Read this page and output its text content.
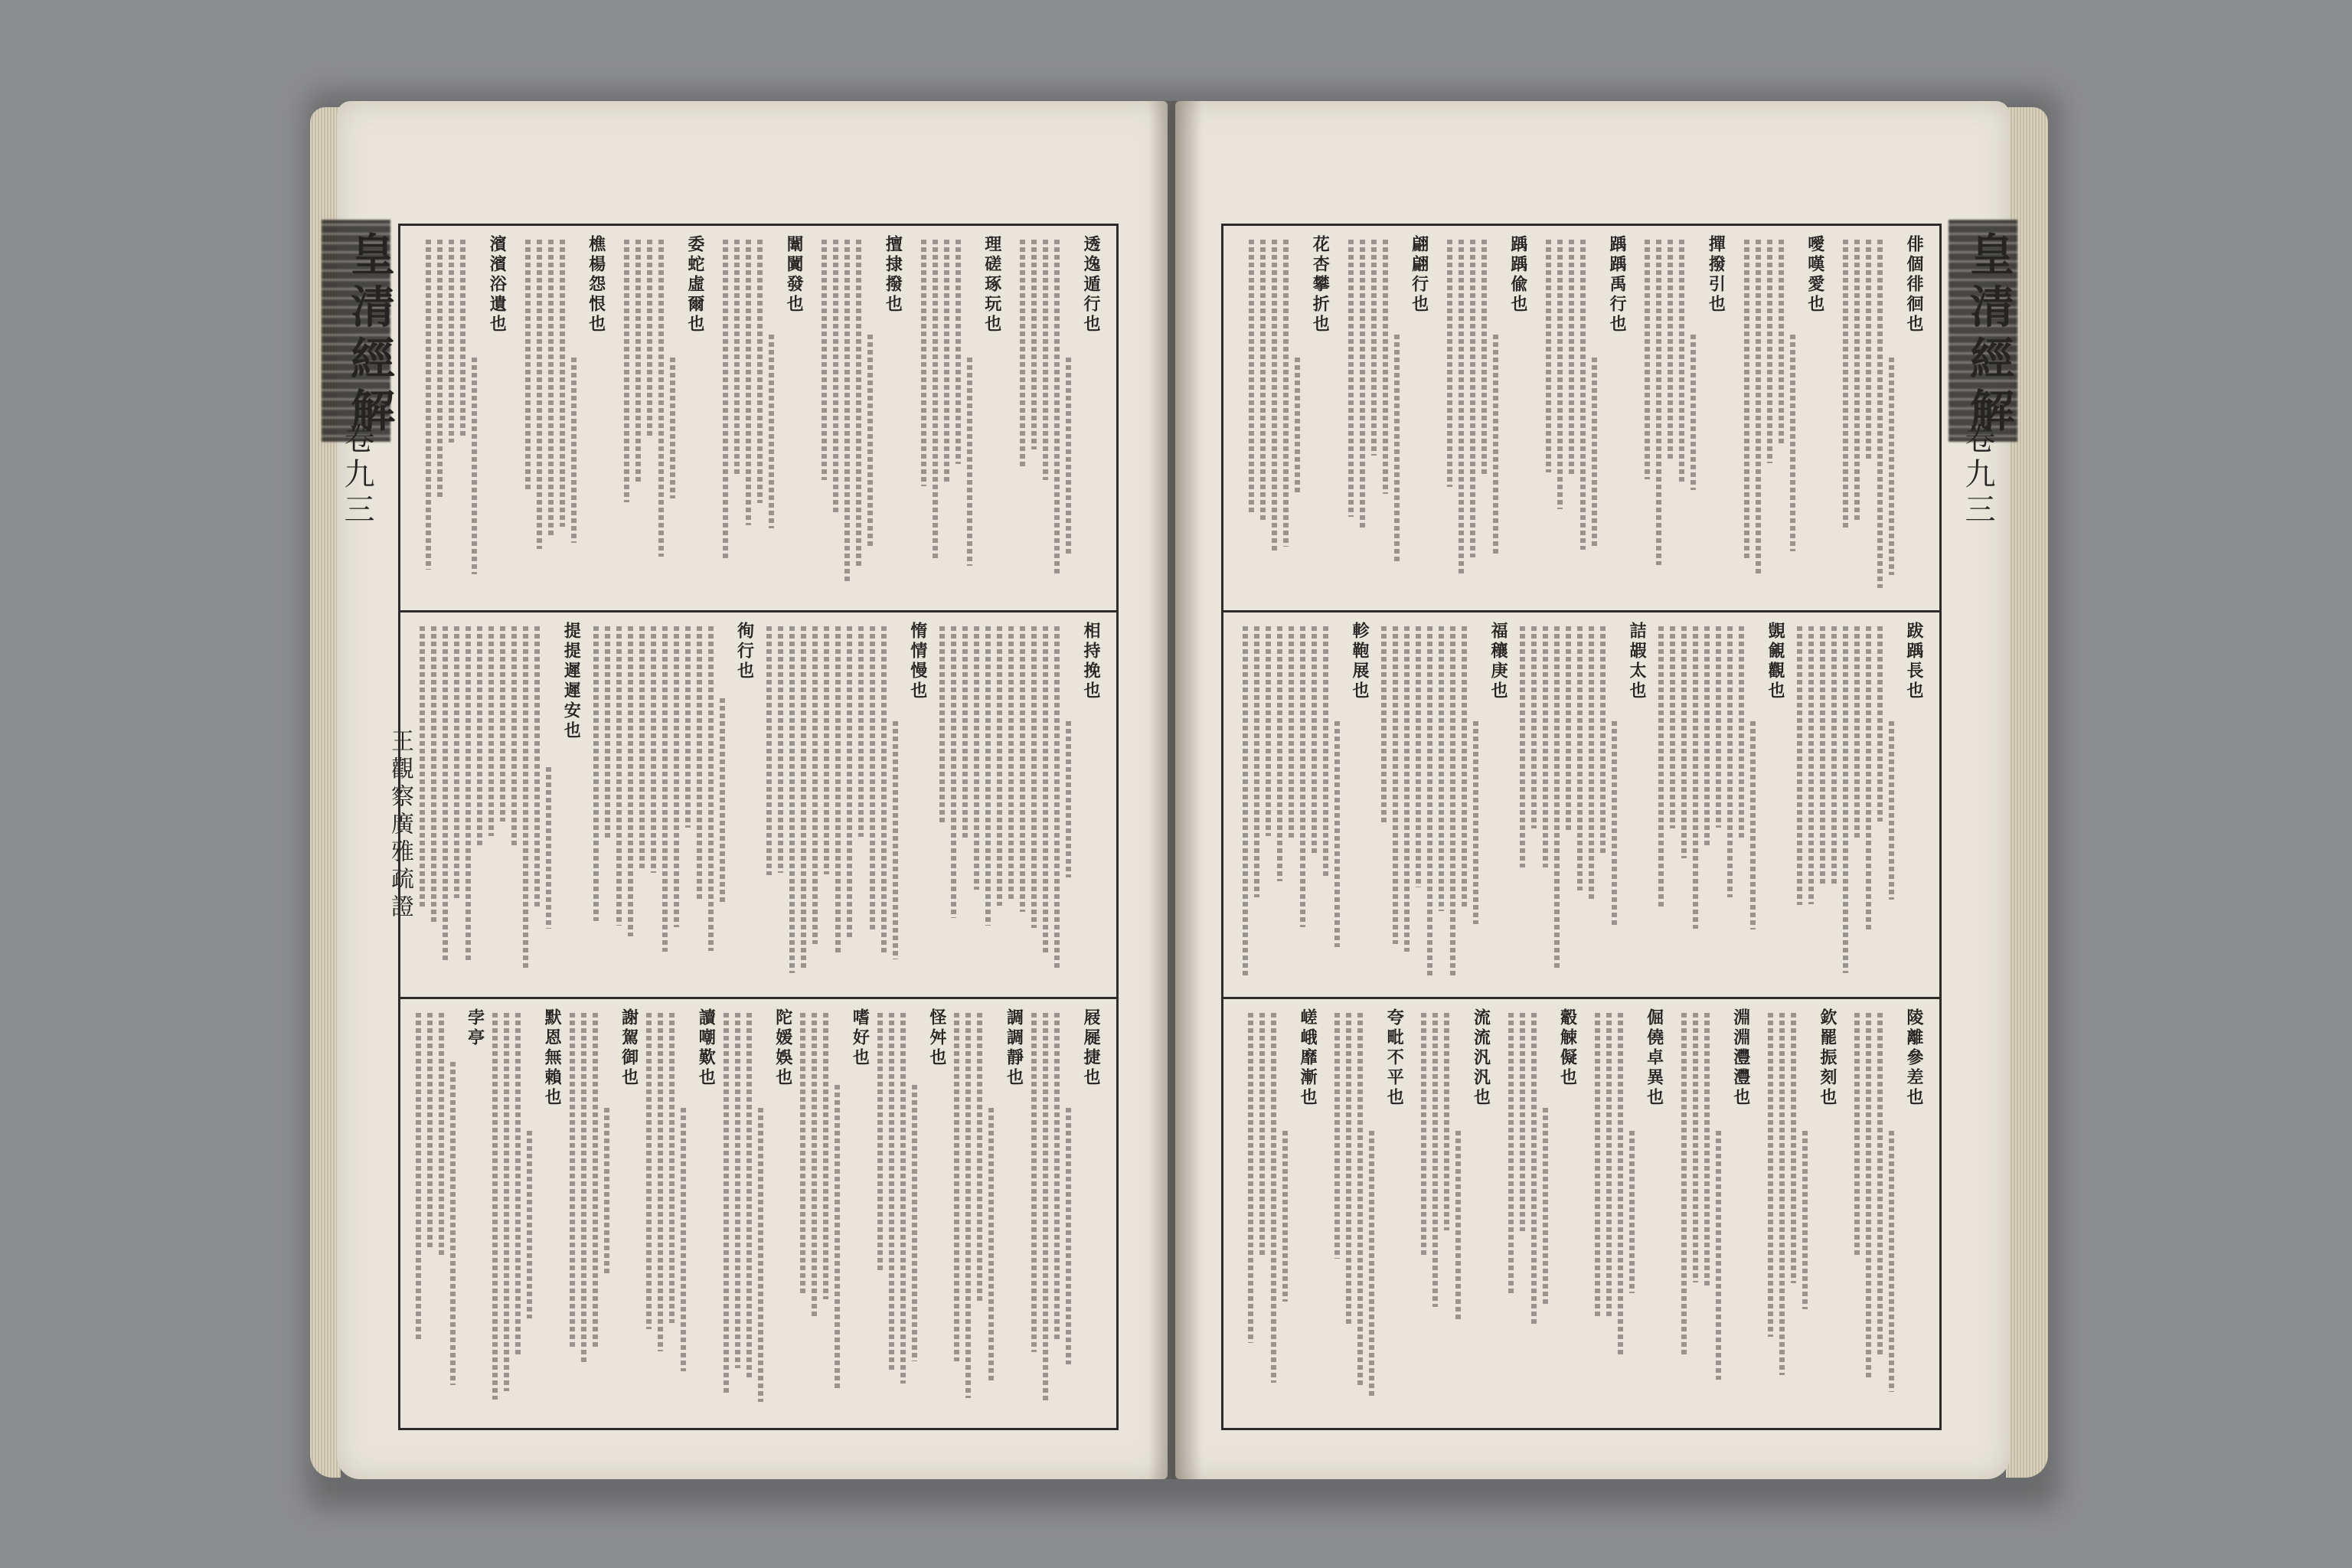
皇清經解
卷九三
王觀察廣雅疏證
透逸遁行也
理磋琢玩也
擅捸撥也
闈闐發也
委蛇虛爾也
樵楊怨恨也
濱濱浴遺也
相持挽也
惰情慢也
徇行也
提提遲遲安也
屐屣捷也
調調靜也
怪舛也
嗜好也
陀媛娛也
讀嘲歎也
謝駕御也
默恩無賴也
孛亭
皇清經解
卷九三
俳個徘徊也
噯嘆愛也
撣撥引也
踽踽禹行也
踽踽偸也
翩翩行也
花杏攀折也
跋踽長也
覬覦觀也
詰嘏太也
福穰庚也
軫鞄展也
陵離參差也
欽罷振刻也
淵淵灃灃也
倔僥卓異也
觳觫儗也
流流汎汎也
夸毗不平也
嵯峨靡漸也
